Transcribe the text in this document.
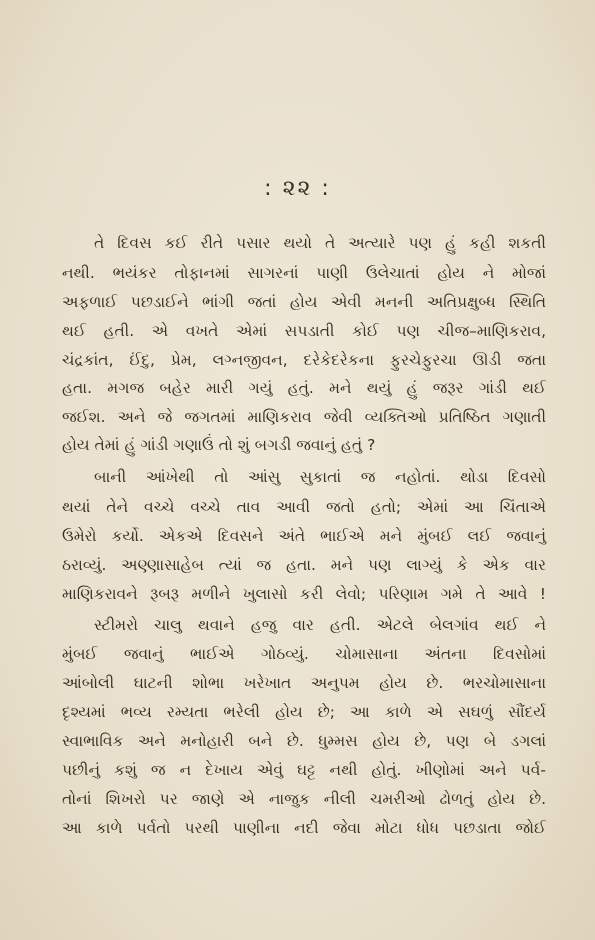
: ૨૨ :
તે દિવસ કઈ રીતે પસાર થયો તે અત્યારે પણ હું કહી શકતી
નથી. ભયંકર તોફાનમાં સાગરનાં પાણી ઉલેચાતાં હોય ને મોજાં
અફળાઈ પછડાઈને ભાંગી જતાં હોય એવી મનની અતિપ્રક્ષુબ્ધ સ્થિતિ
થઈ હતી. એ વખતે એમાં સપડાતી કોઈ પણ ચીજ–માણિકરાવ,
ચંદ્રકાંત, ઈંદુ, પ્રેમ, લગ્નજીવન, દરેકેદરેકના ફુરચેફુરચા ઊડી જતા
હતા. મગજ બહેર મારી ગયું હતું. મને થયું હું જરૂર ગાંડી થઈ
જઈશ. અને જે જગતમાં માણિકરાવ જેવી વ્યક્તિઓ પ્રતિષ્ઠિત ગણાતી
હોય તેમાં હું ગાંડી ગણાઉં તો શું બગડી જવાનું હતું ?
બાની આંખેથી તો આંસુ સુકાતાં જ નહોતાં. થોડા દિવસો
થયાં તેને વચ્ચે વચ્ચે તાવ આવી જતો હતો; એમાં આ ચિંતાએ
ઉમેરો કર્યો. એકએ દિવસને અંતે ભાઈએ મને મુંબઈ લઈ જવાનું
ઠરાવ્યું. અણ્ણાસાહેબ ત્યાં જ હતા. મને પણ લાગ્યું કે એક વાર
માણિકરાવને રૂબરૂ મળીને ખુલાસો કરી લેવો; પરિણામ ગમે તે આવે !
સ્ટીમરો ચાલુ થવાને હજુ વાર હતી. એટલે બેલગાંવ થઈ ને
મુંબઈ જવાનું ભાઈએ ગોઠવ્યું. ચોમાસાના અંતના દિવસોમાં
આંબોલી ઘાટની શોભા ખરેખાત અનુપમ હોય છે. ભરચોમાસાના
દૃશ્યમાં ભવ્ય રમ્યતા ભરેલી હોય છે; આ કાળે એ સઘળું સૌંદર્ય
સ્વાભાવિક અને મનોહારી બને છે. ધુમ્મસ હોય છે, પણ બે ડગલાં
પછીનું કશું જ ન દેખાય એવું ઘટ્ટ નથી હોતું. ખીણોમાં અને પર્વ-
તોનાં શિખરો પર જાણે એ નાજુક નીલી ચમરીઓ ઢોળતું હોય છે.
આ કાળે પર્વતો પરથી પાણીના નદી જેવા મોટા ધોધ પછડાતા જોઈ
